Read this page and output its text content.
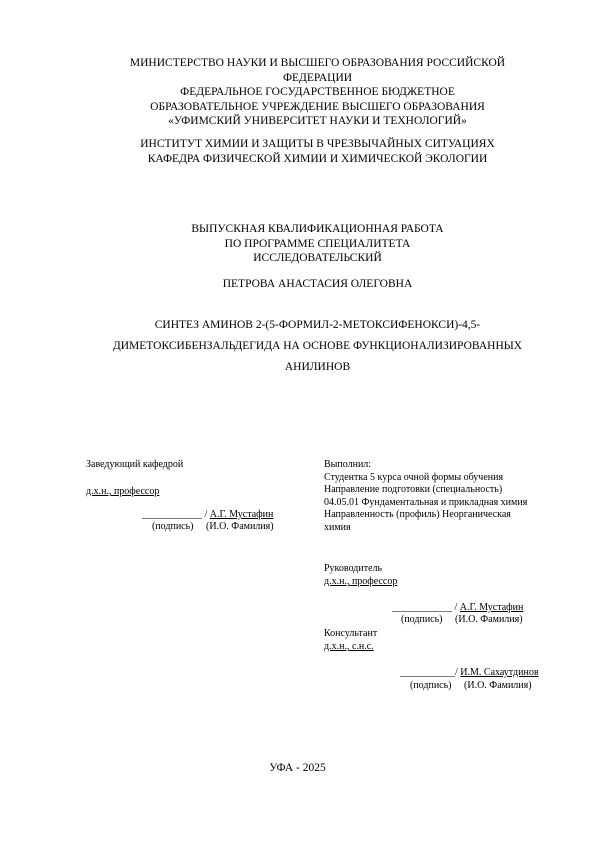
МИНИСТЕРСТВО НАУКИ И ВЫСШЕГО ОБРАЗОВАНИЯ РОССИЙСКОЙ
ФЕДЕРАЦИИ
ФЕДЕРАЛЬНОЕ ГОСУДАРСТВЕННОЕ БЮДЖЕТНОЕ
ОБРАЗОВАТЕЛЬНОЕ УЧРЕЖДЕНИЕ ВЫСШЕГО ОБРАЗОВАНИЯ
«УФИМСКИЙ УНИВЕРСИТЕТ НАУКИ И ТЕХНОЛОГИЙ»
ИНСТИТУТ ХИМИИ И ЗАЩИТЫ В ЧРЕЗВЫЧАЙНЫХ СИТУАЦИЯХ
КАФЕДРА ФИЗИЧЕСКОЙ ХИМИИ И ХИМИЧЕСКОЙ ЭКОЛОГИИ
ВЫПУСКНАЯ КВАЛИФИКАЦИОННАЯ РАБОТА
ПО ПРОГРАММЕ СПЕЦИАЛИТЕТА
ИССЛЕДОВАТЕЛЬСКИЙ
ПЕТРОВА АНАСТАСИЯ ОЛЕГОВНА
СИНТЕЗ АМИНОВ 2-(5-ФОРМИЛ-2-МЕТОКСИФЕНОКСИ)-4,5-
ДИМЕТОКСИБЕНЗАЛЬДЕГИДА НА ОСНОВЕ ФУНКЦИОНАЛИЗИРОВАННЫХ
АНИЛИНОВ
Заведующий кафедрой
д.х.н., профессор
____________ / А.Г. Мустафин
(подпись) (И.О. Фамилия)
Выполнил:
Студентка 5 курса очной формы обучения
Направление подготовки (специальность)
04.05.01 Фундаментальная и прикладная химия
Направленность (профиль) Неорганическая
химия
Руководитель
д.х.н., профессор
____________ / А.Г. Мустафин
(подпись) (И.О. Фамилия)
Консультант
д.х.н., с.н.с.
___________/ И.М. Сахаутдинов
(подпись) (И.О. Фамилия)
УФА - 2025
